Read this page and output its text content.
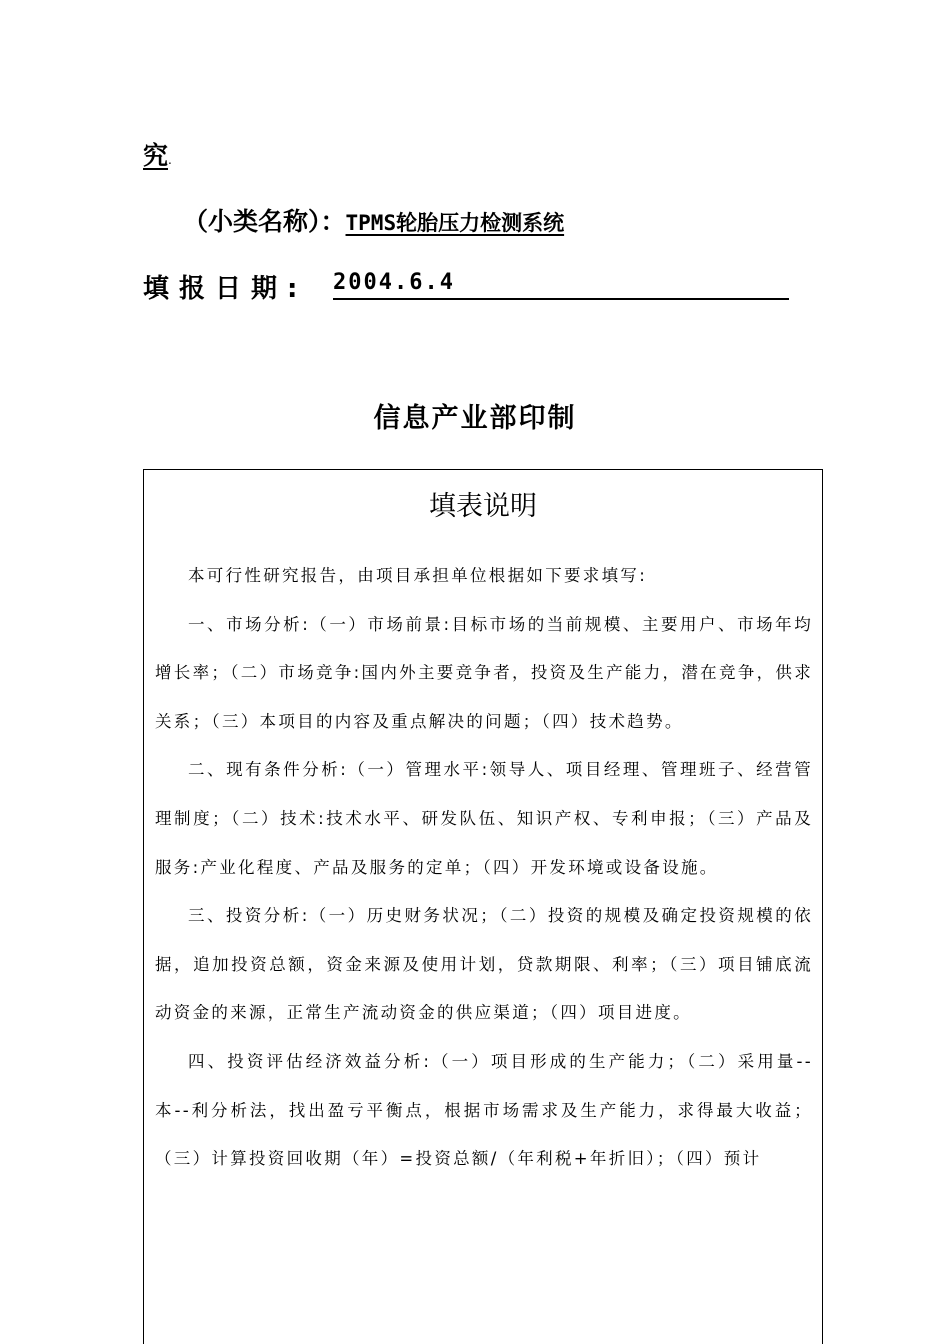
究.
（小类名称）：TPMS轮胎压力检测系统
填报日期: 2004.6.4
信息产业部印制
填表说明

本可行性研究报告，由项目承担单位根据如下要求填写:

一、市场分析:（一）市场前景:目标市场的当前规模、主要用户、市场年均增长率；（二）市场竞争:国内外主要竞争者，投资及生产能力，潜在竞争，供求关系；（三）本项目的内容及重点解决的问题；（四）技术趋势。

二、现有条件分析:（一）管理水平:领导人、项目经理、管理班子、经营管理制度；（二）技术:技术水平、研发队伍、知识产权、专利申报；（三）产品及服务:产业化程度、产品及服务的定单；（四）开发环境或设备设施。

三、投资分析:（一）历史财务状况；（二）投资的规模及确定投资规模的依据，追加投资总额，资金来源及使用计划，贷款期限、利率；（三）项目铺底流动资金的来源，正常生产流动资金的供应渠道；（四）项目进度。

四、投资评估经济效益分析:（一）项目形成的生产能力；（二）采用量--本--利分析法，找出盈亏平衡点，根据市场需求及生产能力，求得最大收益；（三）计算投资回收期（年）=投资总额/（年利税+年折旧）；（四）预计
